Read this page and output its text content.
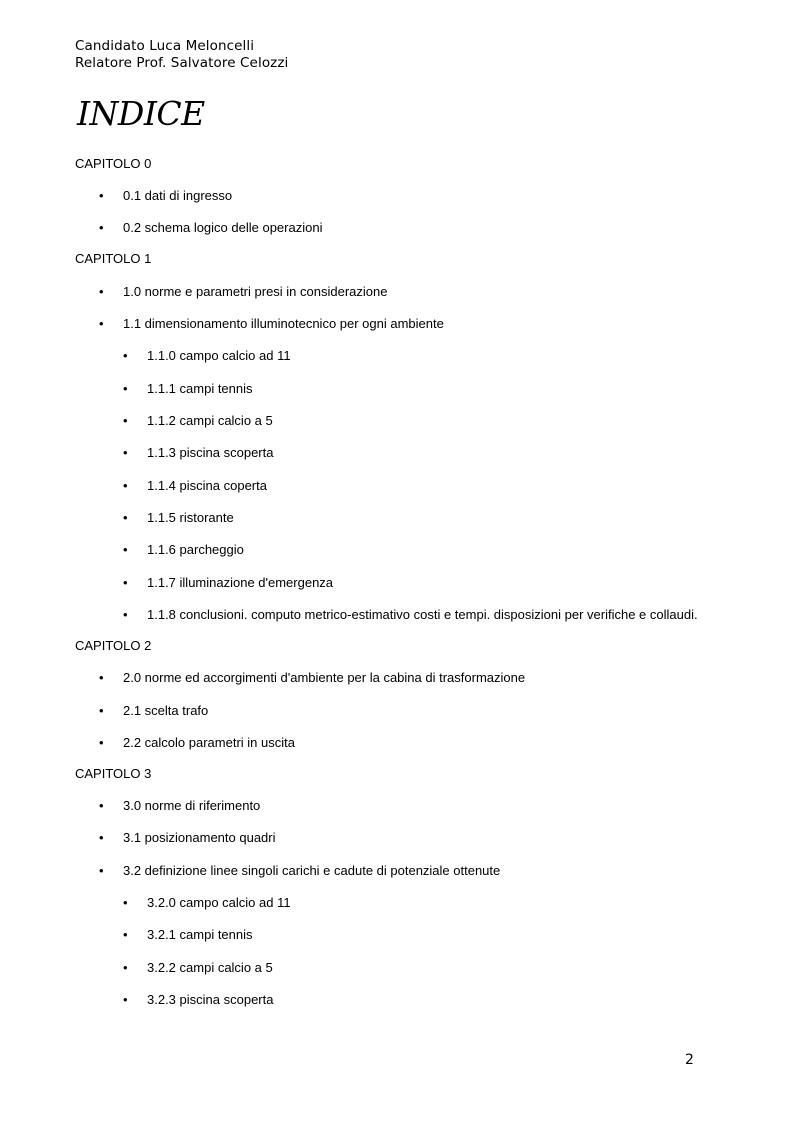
Candidato Luca Meloncelli
Relatore Prof. Salvatore Celozzi
INDICE
CAPITOLO 0
• 0.1 dati di ingresso
• 0.2 schema logico delle operazioni
CAPITOLO 1
• 1.0 norme e parametri presi in considerazione
• 1.1 dimensionamento illuminotecnico per ogni ambiente
• 1.1.0 campo calcio ad 11
• 1.1.1 campi tennis
• 1.1.2 campi calcio a 5
• 1.1.3 piscina scoperta
• 1.1.4 piscina coperta
• 1.1.5 ristorante
• 1.1.6 parcheggio
• 1.1.7 illuminazione d'emergenza
• 1.1.8 conclusioni. computo metrico-estimativo costi e tempi. disposizioni per verifiche e collaudi.
CAPITOLO 2
• 2.0 norme ed accorgimenti d'ambiente per la cabina di trasformazione
• 2.1 scelta trafo
• 2.2 calcolo parametri in uscita
CAPITOLO 3
• 3.0 norme di riferimento
• 3.1 posizionamento quadri
• 3.2 definizione linee singoli carichi e cadute di potenziale ottenute
• 3.2.0 campo calcio ad 11
• 3.2.1 campi tennis
• 3.2.2 campi calcio a 5
• 3.2.3 piscina scoperta
2
